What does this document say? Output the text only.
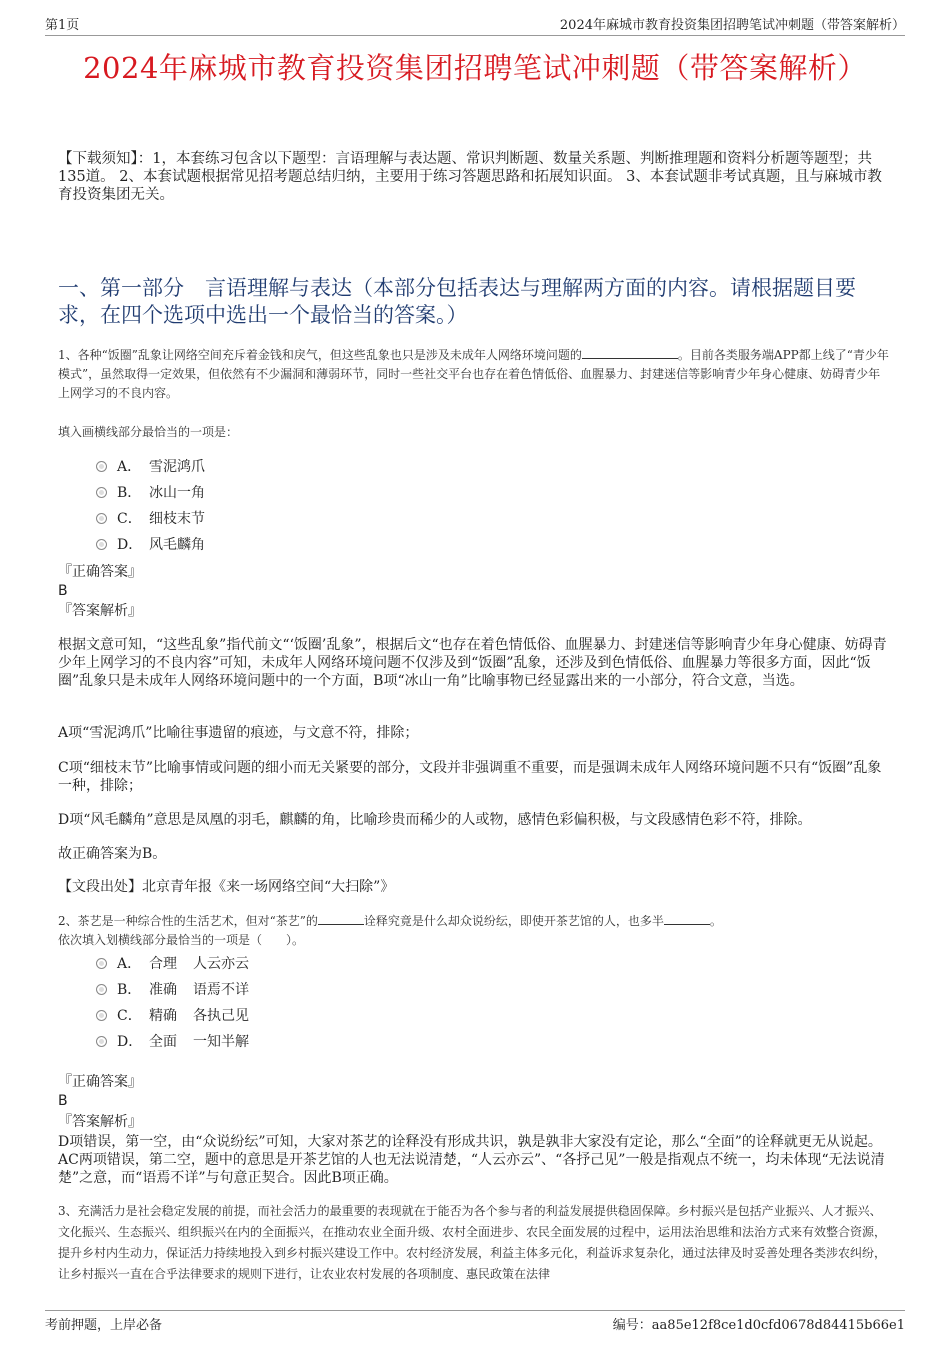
第1页	2024年麻城市教育投资集团招聘笔试冲刺题（带答案解析）
2024年麻城市教育投资集团招聘笔试冲刺题（带答案解析）
【下载须知】：1，本套练习包含以下题型：言语理解与表达题、常识判断题、数量关系题、判断推理题和资料分析题等题型；共135道。 2、本套试题根据常见招考题总结归纳，主要用于练习答题思路和拓展知识面。 3、本套试题非考试真题，且与麻城市教育投资集团无关。
一、第一部分　言语理解与表达（本部分包括表达与理解两方面的内容。请根据题目要求，在四个选项中选出一个最恰当的答案。）
1、各种“饭圈”乱象让网络空间充斥着金钱和戾气，但这些乱象也只是涉及未成年人网络环境问题的	。目前各类服务端APP都上线了“青少年模式”，虽然取得一定效果，但依然有不少漏洞和薄弱环节，同时一些社交平台也存在着色情低俗、血腥暴力、封建迷信等影响青少年身心健康、妨碍青少年上网学习的不良内容。
填入画横线部分最恰当的一项是：
A． 雪泥鸿爪
B． 冰山一角
C． 细枝末节
D． 风毛麟角
『正确答案』
B
『答案解析』
根据文意可知，“这些乱象”指代前文“‘饭圈’乱象”，根据后文“也存在着色情低俗、血腥暴力、封建迷信等影响青少年身心健康、妨碍青少年上网学习的不良内容”可知，未成年人网络环境问题不仅涉及到“饭圈”乱象，还涉及到色情低俗、血腥暴力等很多方面，因此“饭圈”乱象只是未成年人网络环境问题中的一个方面，B项“冰山一角”比喻事物已经显露出来的一小部分，符合文意，当选。
A项“雪泥鸿爪”比喻往事遗留的痕迹，与文意不符，排除；
C项“细枝末节”比喻事情或问题的细小而无关紧要的部分，文段并非强调重不重要，而是强调未成年人网络环境问题不只有“饭圈”乱象一种，排除；
D项“风毛麟角”意思是凤凰的羽毛，麒麟的角，比喻珍贵而稀少的人或物，感情色彩偏积极，与文段感情色彩不符，排除。
故正确答案为B。
【文段出处】北京青年报《来一场网络空间“大扫除”》
2、茶艺是一种综合性的生活艺术，但对“茶艺”的	诠释究竟是什么却众说纷纭，即使开茶艺馆的人，也多半	。
依次填入划横线部分最恰当的一项是（　　）。
A． 合理 人云亦云
B． 准确 语焉不详
C． 精确 各执己见
D． 全面 一知半解
『正确答案』
B
『答案解析』
D项错误，第一空，由“众说纷纭”可知，大家对茶艺的诠释没有形成共识，孰是孰非大家没有定论，那么“全面”的诠释就更无从说起。AC两项错误，第二空，题中的意思是开茶艺馆的人也无法说清楚，“人云亦云”、“各抒己见”一般是指观点不统一，均未体现“无法说清楚”之意，而“语焉不详”与句意正契合。因此B项正确。
3、充满活力是社会稳定发展的前提，而社会活力的最重要的表现就在于能否为各个参与者的利益发展提供稳固保障。乡村振兴是包括产业振兴、人才振兴、文化振兴、生态振兴、组织振兴在内的全面振兴，在推动农业全面升级、农村全面进步、农民全面发展的过程中，运用法治思维和法治方式来有效整合资源，提升乡村内生动力，保证活力持续地投入到乡村振兴建设工作中。农村经济发展，利益主体多元化，利益诉求复杂化，通过法律及时妥善处理各类涉农纠纷，让乡村振兴一直在合乎法律要求的规则下进行，让农业农村发展的各项制度、惠民政策在法律
考前押题，上岸必备	编号：aa85e12f8ce1d0cfd0678d84415b66e1
